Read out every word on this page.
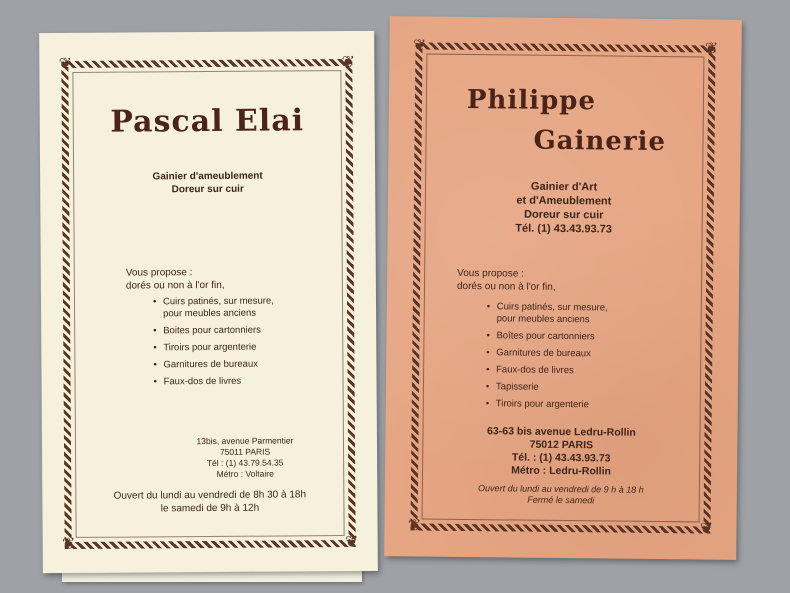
❦	❦
❦	❦
Pascal Elai
Gainier d'ameublement
Doreur sur cuir
Vous propose :
dorés ou non à l'or fin,
• Cuirs patinés, sur mesure,
pour meubles anciens
• Boites pour cartonniers
• Tiroirs pour argenterie
• Garnitures de bureaux
• Faux-dos de livres
13bis, avenue Parmentier
75011 PARIS
Tél : (1) 43.79.54.35
Métro : Voltaire
Ouvert du lundi au vendredi de 8h 30 à 18h
le samedi de 9h à 12h
❦	❦
❦	❦
Philippe
Gainerie
Gainier d'Art
et d'Ameublement
Doreur sur cuir
Tél. (1) 43.43.93.73
Vous propose :
dorés ou non à l'or fin,
• Cuirs patinés, sur mesure,
pour meubles anciens
• Boîtes pour cartonniers
• Garnitures de bureaux
• Faux-dos de livres
• Tapisserie
• Tiroirs pour argenterie
63-63 bis avenue Ledru-Rollin
75012 PARIS
Tél. : (1) 43.43.93.73
Métro : Ledru-Rollin
Ouvert du lundi au vendredi de 9 h à 18 h
Fermé le samedi
